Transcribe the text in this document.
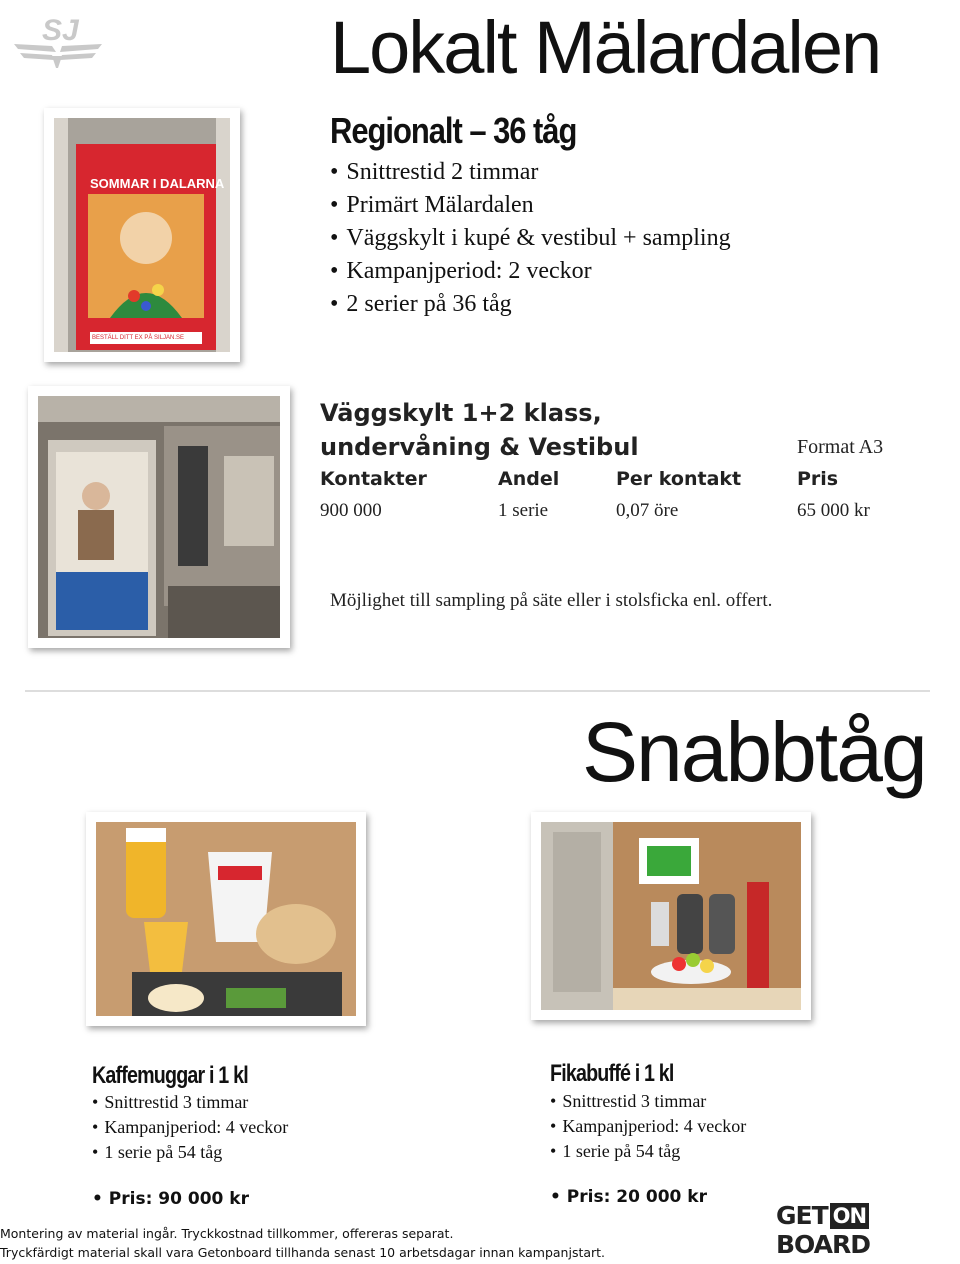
SJ	Lokalt Mälardalen
SOMMAR I DALARNA
BESTÄLL DITT EX PÅ SILJAN.SE
Regionalt – 36 tåg
• Snittrestid 2 timmar
• Primärt Mälardalen
• Väggskylt i kupé & vestibul + sampling
• Kampanjperiod: 2 veckor
• 2 serier på 36 tåg
Väggskylt 1+2 klass,
undervåning & Vestibul	Format A3
Kontakter	Andel	Per kontakt	Pris
900 000	1 serie	0,07 öre	65 000 kr
Möjlighet till sampling på säte eller i stolsficka enl. offert.
Snabbtåg
Kaffemuggar i 1 kl
• Snittrestid 3 timmar
• Kampanjperiod: 4 veckor
• 1 serie på 54 tåg
• Pris: 90 000 kr
Fikabuffé i 1 kl
• Snittrestid 3 timmar
• Kampanjperiod: 4 veckor
• 1 serie på 54 tåg
• Pris: 20 000 kr
GET ONBOARD
Montering av material ingår. Tryckkostnad tillkommer, offereras separat.
Tryckfärdigt material skall vara Getonboard tillhanda senast 10 arbetsdagar innan kampanjstart.
